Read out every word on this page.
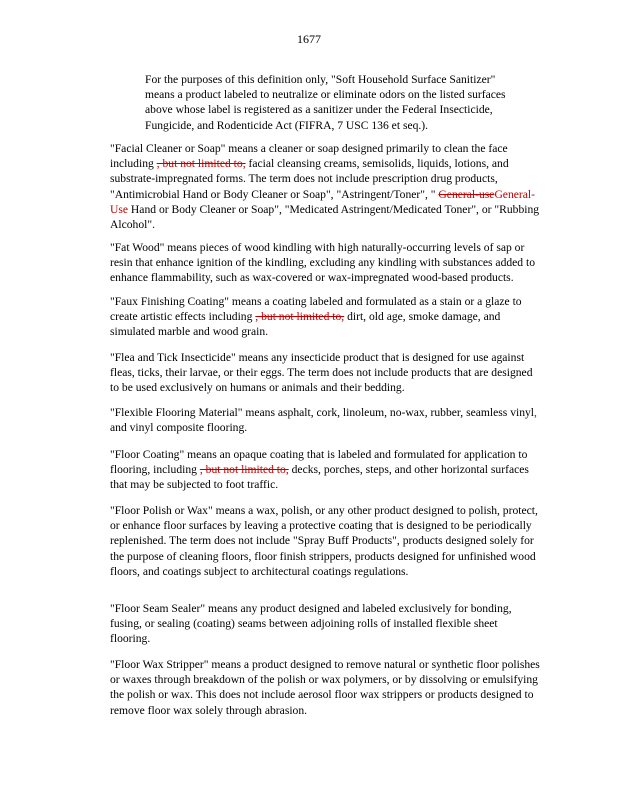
1677

For the purposes of this definition only, "Soft Household Surface Sanitizer" means a product labeled to neutralize or eliminate odors on the listed surfaces above whose label is registered as a sanitizer under the Federal Insecticide, Fungicide, and Rodenticide Act (FIFRA, 7 USC 136 et seq.).

"Facial Cleaner or Soap" means a cleaner or soap designed primarily to clean the face including , but not limited to, facial cleansing creams, semisolids, liquids, lotions, and substrate-impregnated forms. The term does not include prescription drug products, "Antimicrobial Hand or Body Cleaner or Soap", "Astringent/Toner", " General-useGeneral-Use Hand or Body Cleaner or Soap", "Medicated Astringent/Medicated Toner", or "Rubbing Alcohol".

"Fat Wood" means pieces of wood kindling with high naturally-occurring levels of sap or resin that enhance ignition of the kindling, excluding any kindling with substances added to enhance flammability, such as wax-covered or wax-impregnated wood-based products.

"Faux Finishing Coating" means a coating labeled and formulated as a stain or a glaze to create artistic effects including , but not limited to, dirt, old age, smoke damage, and simulated marble and wood grain.

"Flea and Tick Insecticide" means any insecticide product that is designed for use against fleas, ticks, their larvae, or their eggs. The term does not include products that are designed to be used exclusively on humans or animals and their bedding.

"Flexible Flooring Material" means asphalt, cork, linoleum, no-wax, rubber, seamless vinyl, and vinyl composite flooring.

"Floor Coating" means an opaque coating that is labeled and formulated for application to flooring, including , but not limited to, decks, porches, steps, and other horizontal surfaces that may be subjected to foot traffic.

"Floor Polish or Wax" means a wax, polish, or any other product designed to polish, protect, or enhance floor surfaces by leaving a protective coating that is designed to be periodically replenished. The term does not include "Spray Buff Products", products designed solely for the purpose of cleaning floors, floor finish strippers, products designed for unfinished wood floors, and coatings subject to architectural coatings regulations.

"Floor Seam Sealer" means any product designed and labeled exclusively for bonding, fusing, or sealing (coating) seams between adjoining rolls of installed flexible sheet flooring.

"Floor Wax Stripper" means a product designed to remove natural or synthetic floor polishes or waxes through breakdown of the polish or wax polymers, or by dissolving or emulsifying the polish or wax. This does not include aerosol floor wax strippers or products designed to remove floor wax solely through abrasion.
